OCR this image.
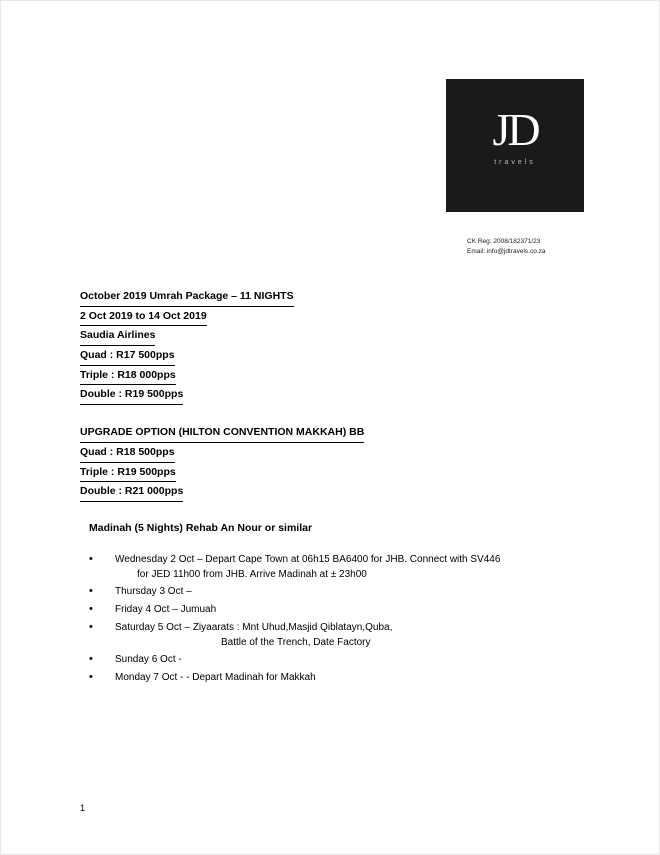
JD
travels
CK Reg: 2008/182371/23
Email: info@jdtravels.co.za
October 2019 Umrah Package – 11 NIGHTS
2 Oct 2019 to 14 Oct 2019
Saudia Airlines
Quad : R17 500pps
Triple : R18 000pps
Double : R19 500pps
UPGRADE OPTION (HILTON CONVENTION MAKKAH) BB
Quad : R18 500pps
Triple : R19 500pps
Double : R21 000pps
Madinah (5 Nights) Rehab An Nour or similar
•	Wednesday 2 Oct – Depart Cape Town at 06h15 BA6400 for JHB. Connect with SV446
for JED 11h00 from JHB. Arrive Madinah at ± 23h00
•	Thursday 3 Oct –
•	Friday 4 Oct – Jumuah
•	Saturday 5 Oct – Ziyaarats : Mnt Uhud,Masjid Qiblatayn,Quba,
Battle of the Trench, Date Factory
•	Sunday 6 Oct -
•	Monday 7 Oct - - Depart Madinah for Makkah
1
